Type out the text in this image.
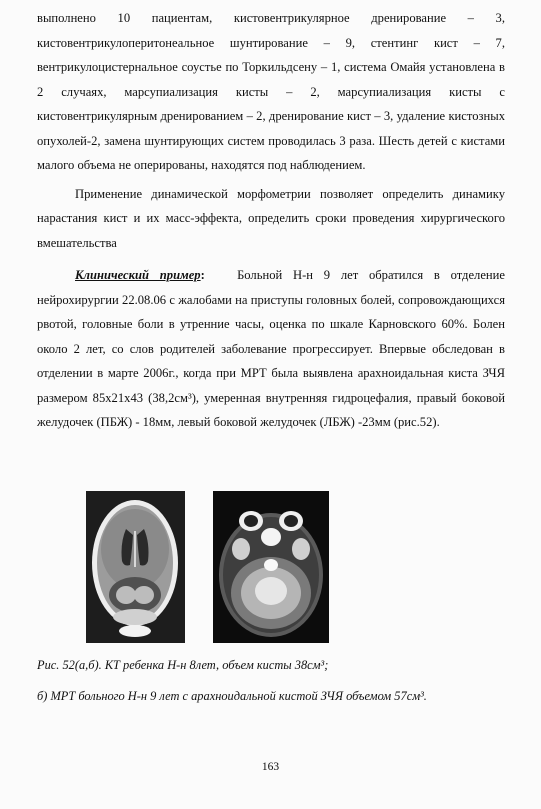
выполнено 10 пациентам, кистовентрикулярное дренирование – 3, кистовентрикулоперитонеальное шунтирование – 9, стентинг кист – 7, вентрикулоцистернальное соустье по Торкильдсену – 1, система Омайя установлена в 2 случаях, марсупиализация кисты – 2, марсупиализация кисты с кистовентрикулярным дренированием – 2, дренирование кист – 3, удаление кистозных опухолей-2, замена шунтирующих систем проводилась 3 раза. Шесть детей с кистами малого объема не оперированы, находятся под наблюдением.

Применение динамической морфометрии позволяет определить динамику нарастания кист и их масс-эффекта, определить сроки проведения хирургического вмешательства

Клинический пример:	Больной Н-н 9 лет обратился в отделение нейрохирургии 22.08.06 с жалобами на приступы головных болей, сопровождающихся рвотой, головные боли в утренние часы, оценка по шкале Карновского 60%. Болен около 2 лет, со слов родителей заболевание прогрессирует. Впервые обследован в отделении в марте 2006г., когда при МРТ была выявлена арахноидальная киста ЗЧЯ размером 85х21х43 (38,2см³), умеренная внутренняя гидроцефалия, правый боковой желудочек (ПБЖ) - 18мм, левый боковой желудочек (ЛБЖ) -23мм (рис.52).

Рис. 52(а,б). КТ ребенка Н-н 8лет, объем кисты 38см³;
б) МРТ больного Н-н 9 лет с арахноидальной кистой ЗЧЯ объемом 57см³.
163
